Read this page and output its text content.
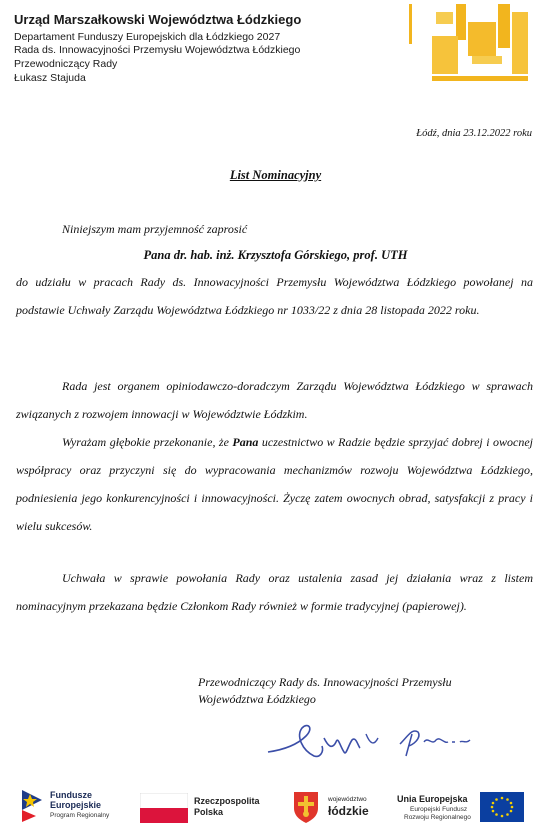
Urząd Marszałkowski Województwa Łódzkiego
Departament Funduszy Europejskich dla Łódzkiego 2027
Rada ds. Innowacyjności Przemysłu Województwa Łódzkiego
Przewodniczący Rady
Łukasz Stajuda
Łódź, dnia 23.12.2022 roku
List Nominacyjny
Niniejszym mam przyjemność zaprosić
Pana dr. hab. inż. Krzysztofa Górskiego, prof. UTH
do udziału w pracach Rady ds. Innowacyjności Przemysłu Województwa Łódzkiego powołanej na podstawie Uchwały Zarządu Województwa Łódzkiego nr 1033/22 z dnia 28 listopada 2022 roku.
Rada jest organem opiniodawczo-doradczym Zarządu Województwa Łódzkiego w sprawach związanych z rozwojem innowacji w Województwie Łódzkim.
Wyrażam głębokie przekonanie, że Pana uczestnictwo w Radzie będzie sprzyjać dobrej i owocnej współpracy oraz przyczyni się do wypracowania mechanizmów rozwoju Województwa Łódzkiego, podniesienia jego konkurencyjności i innowacyjności. Życzę zatem owocnych obrad, satysfakcji z pracy i wielu sukcesów.
Uchwała w sprawie powołania Rady oraz ustalenia zasad jej działania wraz z listem nominacyjnym przekazana będzie Członkom Rady również w formie tradycyjnej (papierowej).
Przewodniczący Rady ds. Innowacyjności Przemysłu
Województwa Łódzkiego
Fundusze
Europejskie
Program Regionalny
Rzeczpospolita
Polska
województwo
łódzkie
Unia Europejska
Europejski Fundusz
Rozwoju Regionalnego
